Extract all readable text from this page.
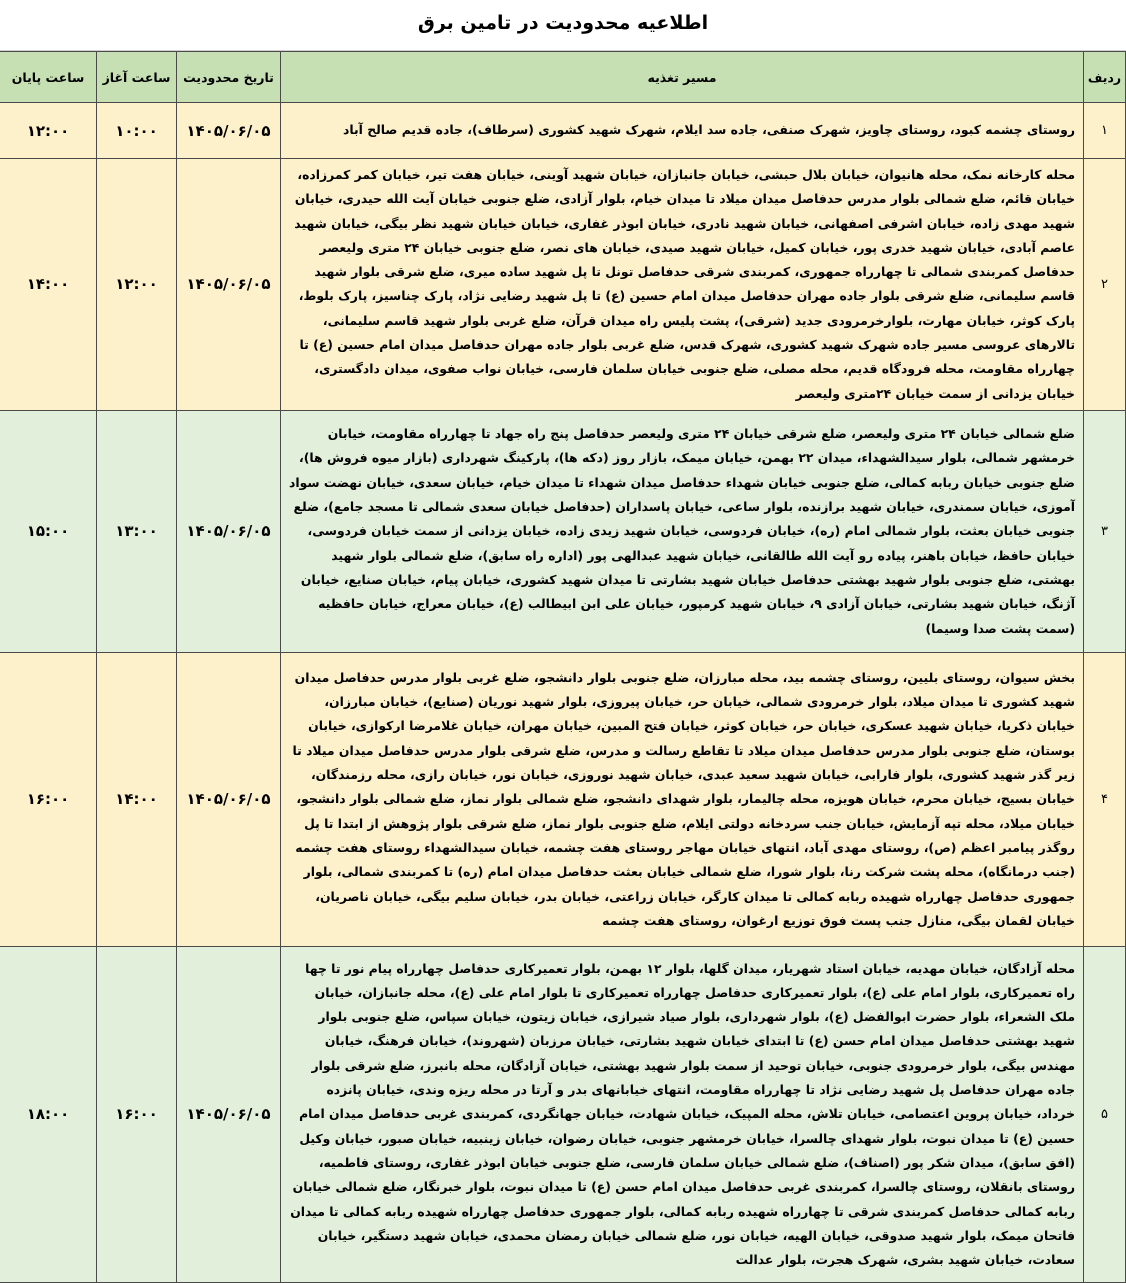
اطلاعیه محدودیت در تامین برق
ردیف	مسیر تغذیه	تاریخ محدودیت	ساعت آغاز	ساعت پایان
۱	روستای چشمه کبود، روستای چاویز، شهرک صنفی، جاده سد ایلام، شهرک شهید کشوری (سرطاف)، جاده قدیم صالح آباد	۱۴۰۵/۰۶/۰۵	۱۰:۰۰	۱۲:۰۰
۲	محله کارخانه نمک، محله هانیوان، خیابان بلال حبشی، خیابان جانبازان، خیابان شهید آوینی، خیابان هفت تیر، خیابان کمر کمرزاده، خیابان قائم، ضلع شمالی بلوار مدرس حدفاصل میدان میلاد تا میدان خیام، بلوار آزادی، ضلع جنوبی خیابان آیت الله حیدری، خیابان شهید مهدی زاده، خیابان اشرفی اصفهانی، خیابان شهید نادری، خیابان ابوذر غفاری، خیابان خیابان شهید نظر بیگی، خیابان شهید عاصم آبادی، خیابان شهید خدری پور، خیابان کمیل، خیابان شهید صیدی، خیابان های نصر، ضلع جنوبی خیابان ۲۴ متری ولیعصر حدفاصل کمربندی شمالی تا چهارراه جمهوری، کمربندی شرقی حدفاصل تونل تا پل شهید ساده میری، ضلع شرقی بلوار شهید قاسم سلیمانی، ضلع شرقی بلوار جاده مهران حدفاصل میدان امام حسین (ع) تا پل شهید رضایی نژاد، پارک چناسیز، پارک بلوط، پارک کوثر، خیابان مهارت، بلوارخرمرودی جدید (شرقی)، پشت پلیس راه میدان قرآن، ضلع غربی بلوار شهید قاسم سلیمانی، تالارهای عروسی مسیر جاده شهرک شهید کشوری، شهرک قدس، ضلع غربی بلوار جاده مهران حدفاصل میدان امام حسین (ع) تا چهارراه مقاومت، محله فرودگاه قدیم، محله مصلی، ضلع جنوبی خیابان سلمان فارسی، خیابان نواب صفوی، میدان دادگستری، خیابان یزدانی از سمت خیابان ۲۴متری ولیعصر	۱۴۰۵/۰۶/۰۵	۱۲:۰۰	۱۴:۰۰
۳	ضلع شمالی خیابان ۲۴ متری ولیعصر، ضلع شرقی خیابان ۲۴ متری ولیعصر حدفاصل پنج راه جهاد تا چهارراه مقاومت، خیابان خرمشهر شمالی، بلوار سیدالشهداء، میدان ۲۲ بهمن، خیابان میمک، بازار روز (دکه ها)، پارکینگ شهرداری (بازار میوه فروش ها)، ضلع جنوبی خیابان ربابه کمالی، ضلع جنوبی خیابان شهداء حدفاصل میدان شهداء تا میدان خیام، خیابان سعدی، خیابان نهضت سواد آموزی، خیابان سمندری، خیابان شهید برازنده، بلوار ساعی، خیابان پاسداران (حدفاصل خیابان سعدی شمالی تا مسجد جامع)، ضلع جنوبی خیابان بعثت، بلوار شمالی امام (ره)، خیابان فردوسی، خیابان شهید زیدی زاده، خیابان یزدانی از سمت خیابان فردوسی، خیابان حافظ، خیابان باهنر، پیاده رو آیت الله طالقانی، خیابان شهید عبدالهی پور (اداره راه سابق)، ضلع شمالی بلوار شهید بهشتی، ضلع جنوبی بلوار شهید بهشتی حدفاصل خیابان شهید بشارتی تا میدان شهید کشوری، خیابان پیام، خیابان صنایع، خیابان آژنگ، خیابان شهید بشارتی، خیابان آزادی ۹، خیابان شهید کرمپور، خیابان علی ابن ابیطالب (ع)، خیابان معراج، خیابان حافظیه (سمت پشت صدا وسیما)	۱۴۰۵/۰۶/۰۵	۱۳:۰۰	۱۵:۰۰
۴	بخش سیوان، روستای بلیین، روستای چشمه بید، محله مبارزان، ضلع جنوبی بلوار دانشجو، ضلع غربی بلوار مدرس حدفاصل میدان شهید کشوری تا میدان میلاد، بلوار خرمرودی شمالی، خیابان حر، خیابان پیروزی، بلوار شهید نوریان (صنایع)، خیابان مبارزان، خیابان ذکریا، خیابان شهید عسکری، خیابان حر، خیابان کوثر، خیابان فتح المبین، خیابان مهران، خیابان غلامرضا ارکوازی، خیابان بوستان، ضلع جنوبی بلوار مدرس حدفاصل میدان میلاد تا تقاطع رسالت و مدرس، ضلع شرقی بلوار مدرس حدفاصل میدان میلاد تا زیر گذر شهید کشوری، بلوار فارابی، خیابان شهید سعید عبدی، خیابان شهید نوروزی، خیابان نور، خیابان رازی، محله رزمندگان، خیابان بسیج، خیابان محرم، خیابان هویزه، محله چالیمار، بلوار شهدای دانشجو، ضلع شمالی بلوار نماز، ضلع شمالی بلوار دانشجو، خیابان میلاد، محله تپه آزمایش، خیابان جنب سردخانه دولتی ایلام، ضلع جنوبی بلوار نماز، ضلع شرقی بلوار پژوهش از ابتدا تا پل روگذر پیامبر اعظم (ص)، روستای مهدی آباد، انتهای خیابان مهاجر روستای هفت چشمه، خیابان سیدالشهداء روستای هفت چشمه (جنب درمانگاه)، محله پشت شرکت رنا، بلوار شورا، ضلع شمالی خیابان بعثت حدفاصل میدان امام (ره) تا کمربندی شمالی، بلوار جمهوری حدفاصل چهارراه شهیده ربابه کمالی تا میدان کارگر، خیابان زراعتی، خیابان بدر، خیابان سلیم بیگی، خیابان ناصریان، خیابان لقمان بیگی، منازل جنب پست فوق توزیع ارغوان، روستای هفت چشمه	۱۴۰۵/۰۶/۰۵	۱۴:۰۰	۱۶:۰۰
۵	محله آزادگان، خیابان مهدیه، خیابان استاد شهریار، میدان گلها، بلوار ۱۲ بهمن، بلوار تعمیرکاری حدفاصل چهارراه پیام نور تا چها راه تعمیرکاری، بلوار امام علی (ع)، بلوار تعمیرکاری حدفاصل چهارراه تعمیرکاری تا بلوار امام علی (ع)، محله جانبازان، خیابان ملک الشعراء، بلوار حضرت ابوالفضل (ع)، بلوار شهرداری، بلوار صیاد شیرازی، خیابان زیتون، خیابان سپاس، ضلع جنوبی بلوار شهید بهشتی حدفاصل میدان امام حسن (ع) تا ابتدای خیابان شهید بشارتی، خیابان مرزبان (شهروند)، خیابان فرهنگ، خیابان مهندس بیگی، بلوار خرمرودی جنوبی، خیابان توحید از سمت بلوار شهید بهشتی، خیابان آزادگان، محله بانبرز، ضلع شرقی بلوار جاده مهران حدفاصل پل شهید رضایی نژاد تا چهارراه مقاومت، انتهای خیابانهای بدر و آرتا در محله ریزه وندی، خیابان پانزده خرداد، خیابان پروین اعتصامی، خیابان تلاش، محله المپیک، خیابان شهادت، خیابان جهانگردی، کمربندی غربی حدفاصل میدان امام حسین (ع) تا میدان نبوت، بلوار شهدای چالسرا، خیابان خرمشهر جنوبی، خیابان رضوان، خیابان زینبیه، خیابان صبور، خیابان وکیل (افق سابق)، میدان شکر پور (اصناف)، ضلع شمالی خیابان سلمان فارسی، ضلع جنوبی خیابان ابوذر غفاری، روستای فاطمیه، روستای بانقلان، روستای چالسرا، کمربندی غربی حدفاصل میدان امام حسن (ع) تا میدان نبوت، بلوار خبرنگار، ضلع شمالی خیابان ربابه کمالی حدفاصل کمربندی شرقی تا چهارراه شهیده ربابه کمالی، بلوار جمهوری حدفاصل چهارراه شهیده ربابه کمالی تا میدان فاتحان میمک، بلوار شهید صدوقی، خیابان الهیه، خیابان نور، ضلع شمالی خیابان رمضان محمدی، خیابان شهید دستگیر، خیابان سعادت، خیابان شهید بشری، شهرک هجرت، بلوار عدالت	۱۴۰۵/۰۶/۰۵	۱۶:۰۰	۱۸:۰۰
